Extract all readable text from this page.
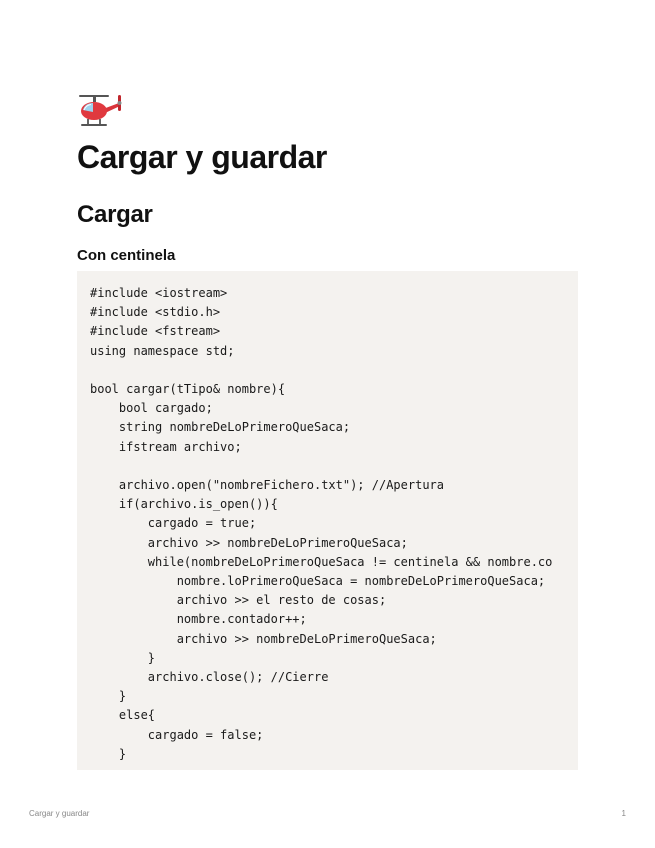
Cargar y guardar
Cargar
Con centinela
#include <iostream>
#include <stdio.h>
#include <fstream>
using namespace std;

bool cargar(tTipo& nombre){
bool cargado;
string nombreDeLoPrimeroQueSaca;
ifstream archivo;

archivo.open("nombreFichero.txt"); //Apertura
if(archivo.is_open()){
cargado = true;
archivo >> nombreDeLoPrimeroQueSaca;
while(nombreDeLoPrimeroQueSaca != centinela && nombre.co
nombre.loPrimeroQueSaca = nombreDeLoPrimeroQueSaca;
archivo >> el resto de cosas;
nombre.contador++;
archivo >> nombreDeLoPrimeroQueSaca;
}
archivo.close(); //Cierre
}
else{
cargado = false;
}
Cargar y guardar	1
